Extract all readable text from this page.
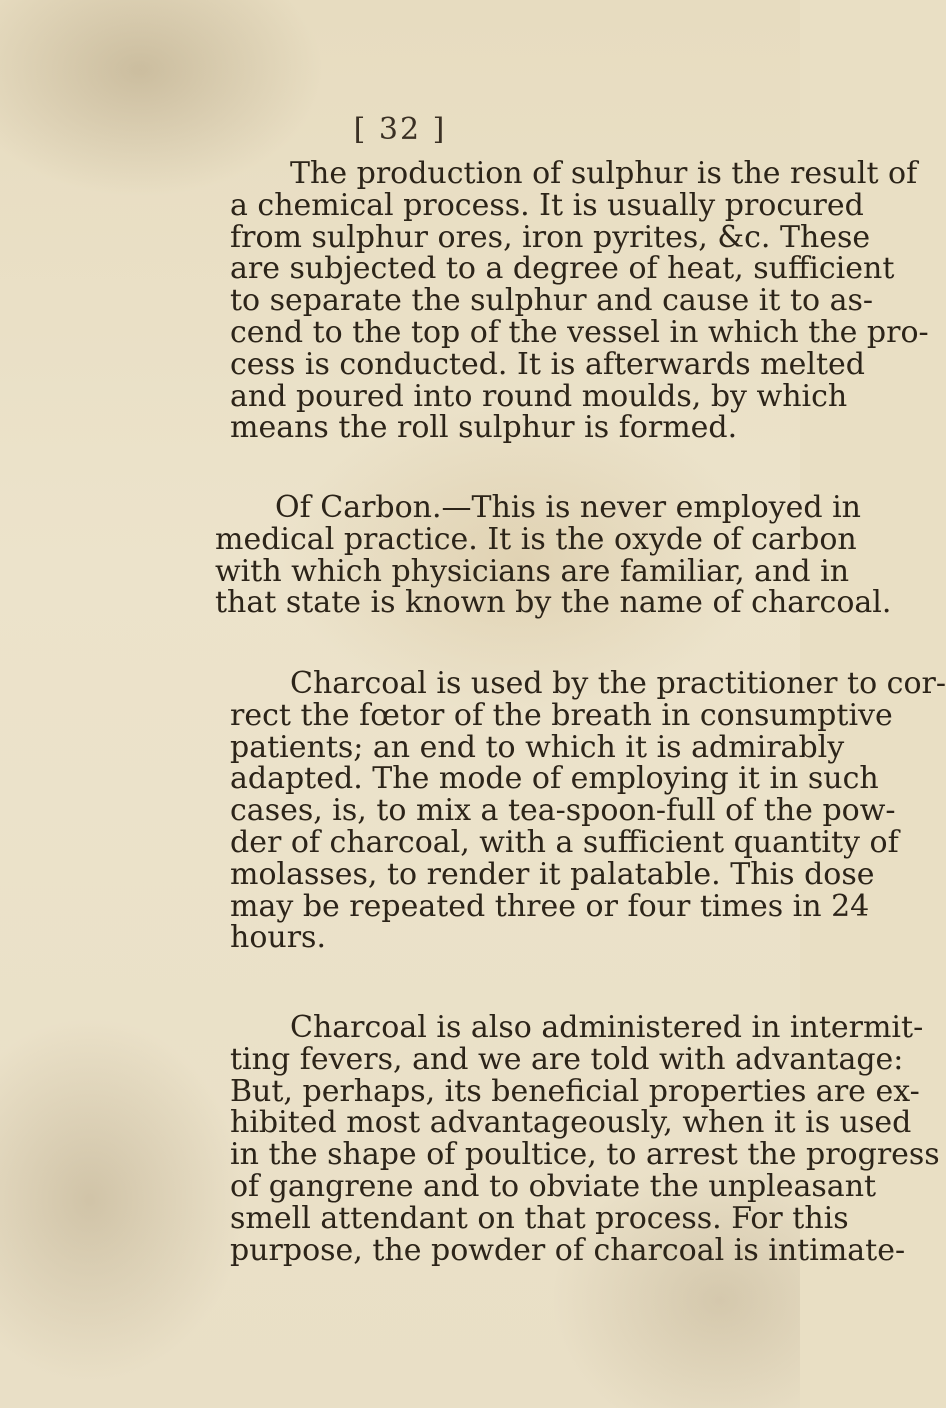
[ 32 ]
The production of sulphur is the result of
a chemical process. It is usually procured
from sulphur ores, iron pyrites, &c. These
are subjected to a degree of heat, sufficient
to separate the sulphur and cause it to as-
cend to the top of the vessel in which the pro-
cess is conducted. It is afterwards melted
and poured into round moulds, by which
means the roll sulphur is formed.
Of Carbon.—This is never employed in
medical practice. It is the oxyde of carbon
with which physicians are familiar, and in
that state is known by the name of charcoal.
Charcoal is used by the practitioner to cor-
rect the fœtor of the breath in consumptive
patients; an end to which it is admirably
adapted. The mode of employing it in such
cases, is, to mix a tea-spoon-full of the pow-
der of charcoal, with a sufficient quantity of
molasses, to render it palatable. This dose
may be repeated three or four times in 24
hours.
Charcoal is also administered in intermit-
ting fevers, and we are told with advantage:
But, perhaps, its beneficial properties are ex-
hibited most advantageously, when it is used
in the shape of poultice, to arrest the progress
of gangrene and to obviate the unpleasant
smell attendant on that process. For this
purpose, the powder of charcoal is intimate-
